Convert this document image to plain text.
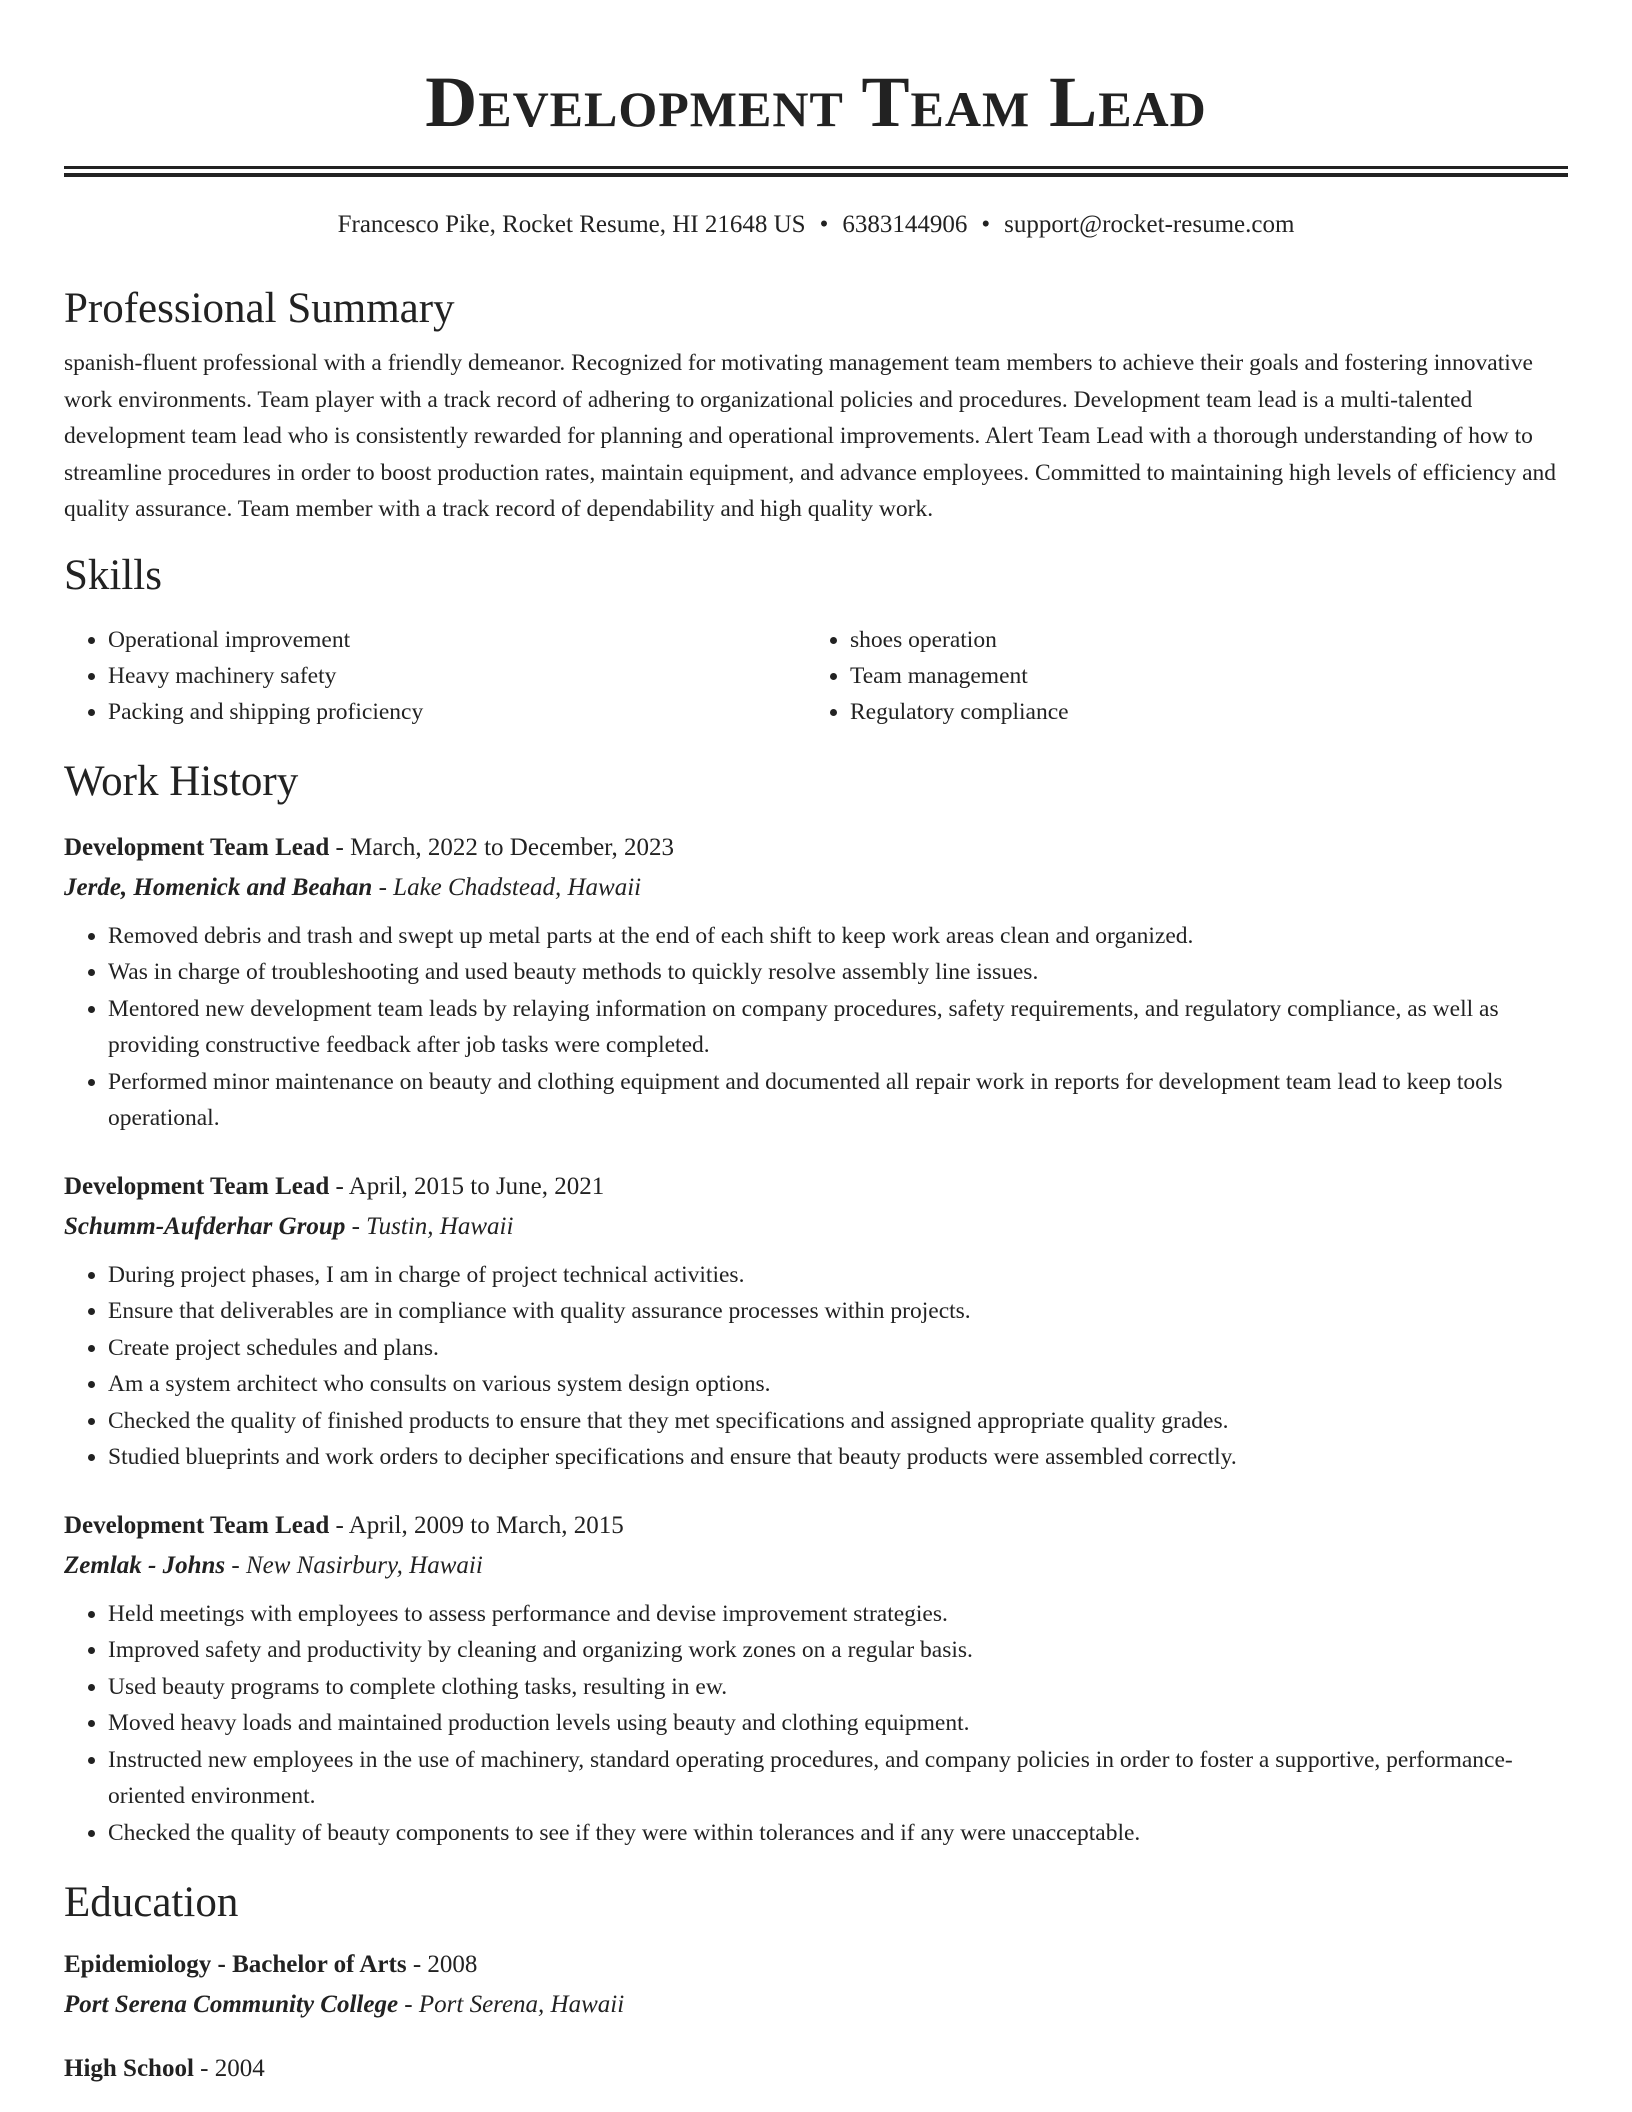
Development Team Lead
Francesco Pike, Rocket Resume, HI 21648 US • 6383144906 • support@rocket-resume.com
Professional Summary
spanish-fluent professional with a friendly demeanor. Recognized for motivating management team members to achieve their goals and fostering innovative work environments. Team player with a track record of adhering to organizational policies and procedures. Development team lead is a multi-talented development team lead who is consistently rewarded for planning and operational improvements. Alert Team Lead with a thorough understanding of how to streamline procedures in order to boost production rates, maintain equipment, and advance employees. Committed to maintaining high levels of efficiency and quality assurance. Team member with a track record of dependability and high quality work.
Skills
• Operational improvement
• Heavy machinery safety
• Packing and shipping proficiency
• shoes operation
• Team management
• Regulatory compliance
Work History
Development Team Lead - March, 2022 to December, 2023
Jerde, Homenick and Beahan - Lake Chadstead, Hawaii
• Removed debris and trash and swept up metal parts at the end of each shift to keep work areas clean and organized.
• Was in charge of troubleshooting and used beauty methods to quickly resolve assembly line issues.
• Mentored new development team leads by relaying information on company procedures, safety requirements, and regulatory compliance, as well as providing constructive feedback after job tasks were completed.
• Performed minor maintenance on beauty and clothing equipment and documented all repair work in reports for development team lead to keep tools operational.
Development Team Lead - April, 2015 to June, 2021
Schumm-Aufderhar Group - Tustin, Hawaii
• During project phases, I am in charge of project technical activities.
• Ensure that deliverables are in compliance with quality assurance processes within projects.
• Create project schedules and plans.
• Am a system architect who consults on various system design options.
• Checked the quality of finished products to ensure that they met specifications and assigned appropriate quality grades.
• Studied blueprints and work orders to decipher specifications and ensure that beauty products were assembled correctly.
Development Team Lead - April, 2009 to March, 2015
Zemlak - Johns - New Nasirbury, Hawaii
• Held meetings with employees to assess performance and devise improvement strategies.
• Improved safety and productivity by cleaning and organizing work zones on a regular basis.
• Used beauty programs to complete clothing tasks, resulting in ew.
• Moved heavy loads and maintained production levels using beauty and clothing equipment.
• Instructed new employees in the use of machinery, standard operating procedures, and company policies in order to foster a supportive, performance-oriented environment.
• Checked the quality of beauty components to see if they were within tolerances and if any were unacceptable.
Education
Epidemiology - Bachelor of Arts - 2008
Port Serena Community College - Port Serena, Hawaii
High School - 2004
